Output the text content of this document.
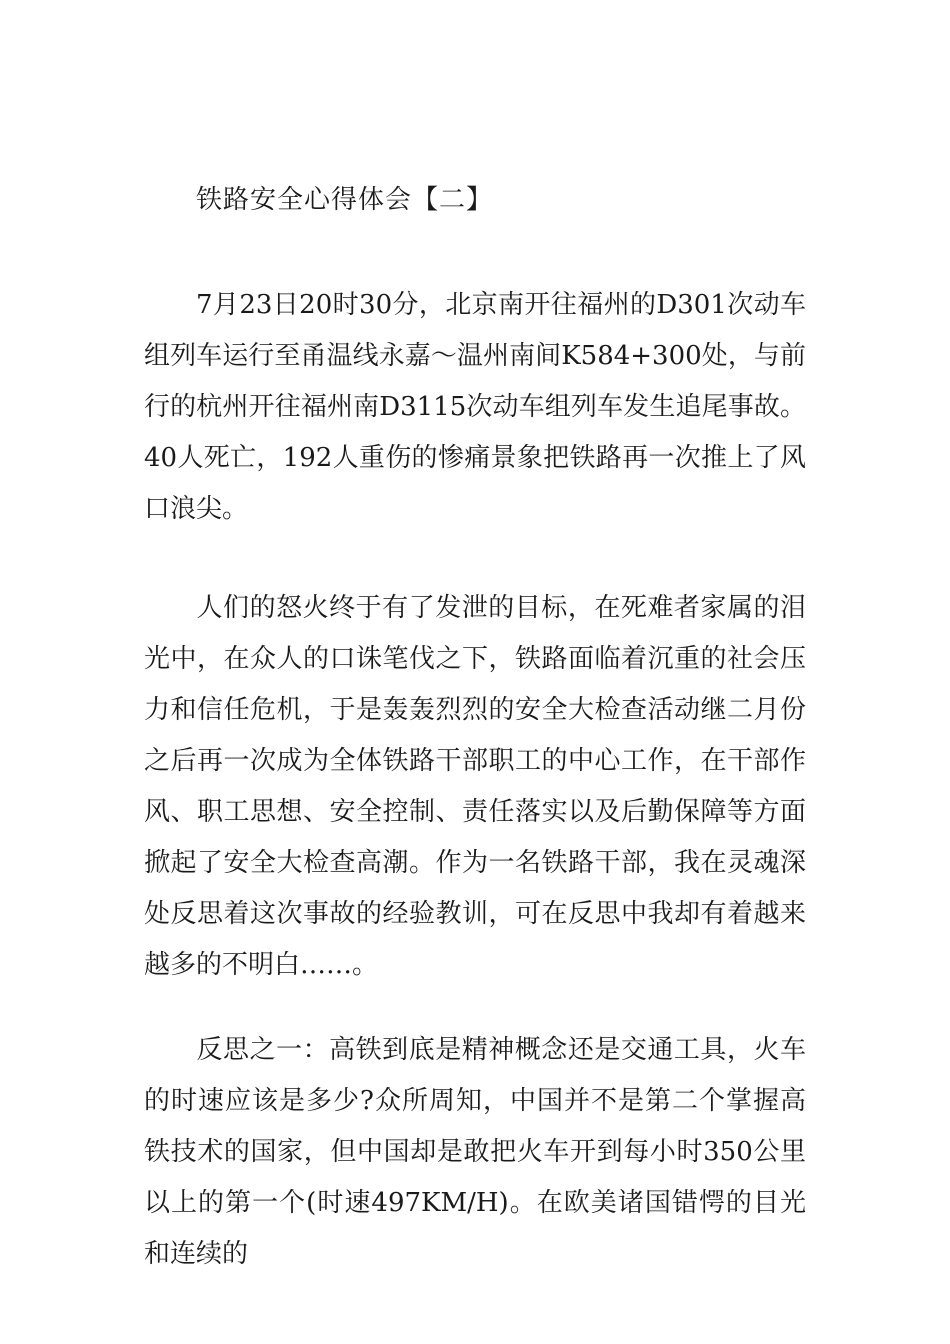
铁路安全心得体会【二】

7月23日20时30分，北京南开往福州的D301次动车组列车运行至甬温线永嘉～温州南间K584+300处，与前行的杭州开往福州南D3115次动车组列车发生追尾事故。40人死亡，192人重伤的惨痛景象把铁路再一次推上了风口浪尖。

人们的怒火终于有了发泄的目标，在死难者家属的泪光中，在众人的口诛笔伐之下，铁路面临着沉重的社会压力和信任危机，于是轰轰烈烈的安全大检查活动继二月份之后再一次成为全体铁路干部职工的中心工作，在干部作风、职工思想、安全控制、责任落实以及后勤保障等方面掀起了安全大检查高潮。作为一名铁路干部，我在灵魂深处反思着这次事故的经验教训，可在反思中我却有着越来越多的不明白……。

反思之一：高铁到底是精神概念还是交通工具，火车的时速应该是多少?众所周知，中国并不是第二个掌握高铁技术的国家，但中国却是敢把火车开到每小时350公里以上的第一个(时速497KM/H)。在欧美诸国错愕的目光和连续的
